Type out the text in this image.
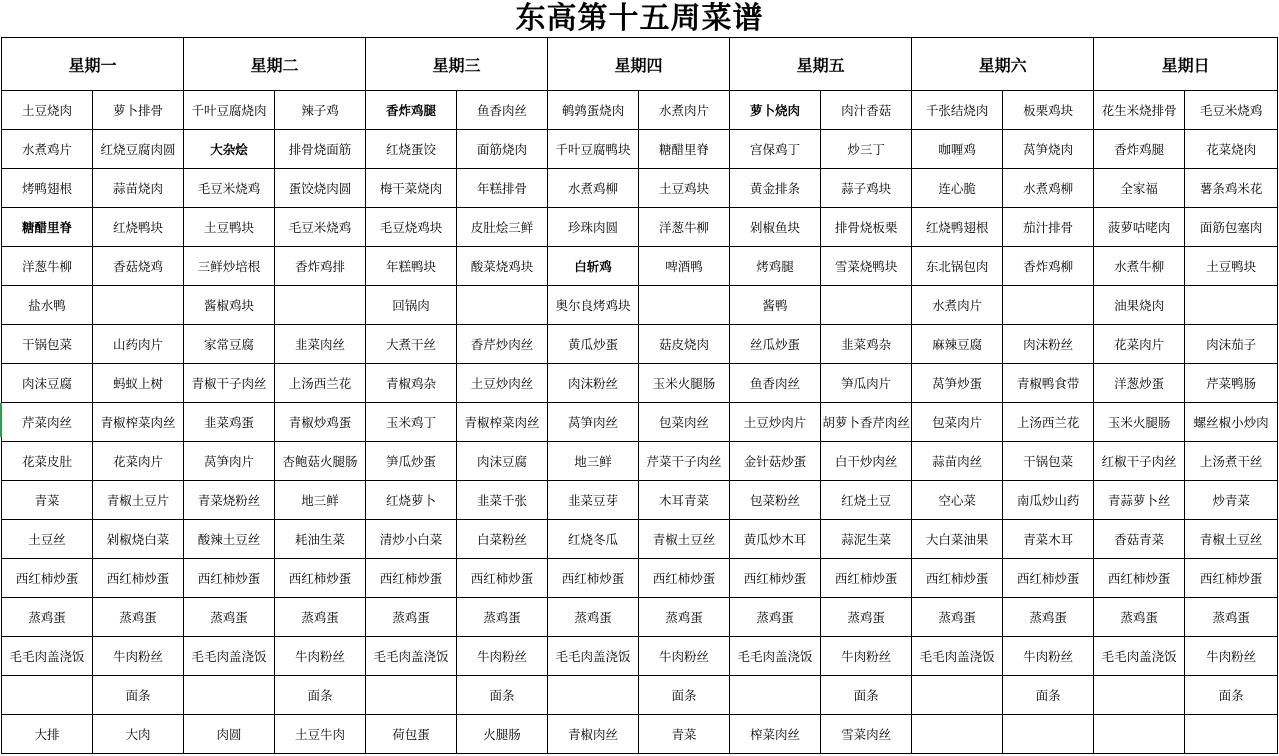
东高第十五周菜谱
星期一		星期二		星期三		星期四		星期五		星期六		星期日	
土豆烧肉	萝卜排骨	千叶豆腐烧肉	辣子鸡	香炸鸡腿	鱼香肉丝	鹌鹑蛋烧肉	水煮肉片	萝卜烧肉	肉汁香菇	千张结烧肉	板栗鸡块	花生米烧排骨	毛豆米烧鸡
水煮鸡片	红烧豆腐肉圆	大杂烩	排骨烧面筋	红烧蛋饺	面筋烧肉	千叶豆腐鸭块	糖醋里脊	宫保鸡丁	炒三丁	咖喱鸡	莴笋烧肉	香炸鸡腿	花菜烧肉
烤鸭翅根	蒜苗烧肉	毛豆米烧鸡	蛋饺烧肉圆	梅干菜烧肉	年糕排骨	水煮鸡柳	土豆鸡块	黄金排条	蒜子鸡块	连心脆	水煮鸡柳	全家福	薯条鸡米花
糖醋里脊	红烧鸭块	土豆鸭块	毛豆米烧鸡	毛豆烧鸡块	皮肚烩三鲜	珍珠肉圆	洋葱牛柳	剁椒鱼块	排骨烧板栗	红烧鸭翅根	茄汁排骨	菠萝咕咾肉	面筋包塞肉
洋葱牛柳	香菇烧鸡	三鲜炒培根	香炸鸡排	年糕鸭块	酸菜烧鸡块	白斩鸡	啤酒鸭	烤鸡腿	雪菜烧鸭块	东北锅包肉	香炸鸡柳	水煮牛柳	土豆鸭块
盐水鸭		酱椒鸡块		回锅肉		奥尔良烤鸡块		酱鸭		水煮肉片		油果烧肉	
干锅包菜	山药肉片	家常豆腐	韭菜肉丝	大煮干丝	香芹炒肉丝	黄瓜炒蛋	菇皮烧肉	丝瓜炒蛋	韭菜鸡杂	麻辣豆腐	肉沫粉丝	花菜肉片	肉沫茄子
肉沫豆腐	蚂蚁上树	青椒干子肉丝	上汤西兰花	青椒鸡杂	土豆炒肉丝	肉沫粉丝	玉米火腿肠	鱼香肉丝	笋瓜肉片	莴笋炒蛋	青椒鸭食带	洋葱炒蛋	芹菜鸭肠
芹菜肉丝	青椒榨菜肉丝	韭菜鸡蛋	青椒炒鸡蛋	玉米鸡丁	青椒榨菜肉丝	莴笋肉丝	包菜肉丝	土豆炒肉片	胡萝卜香芹肉丝	包菜肉片	上汤西兰花	玉米火腿肠	螺丝椒小炒肉
花菜皮肚	花菜肉片	莴笋肉片	杏鲍菇火腿肠	笋瓜炒蛋	肉沫豆腐	地三鲜	芹菜干子肉丝	金针菇炒蛋	白干炒肉丝	蒜苗肉丝	干锅包菜	红椒干子肉丝	上汤煮干丝
青菜	青椒土豆片	青菜烧粉丝	地三鲜	红烧萝卜	韭菜千张	韭菜豆芽	木耳青菜	包菜粉丝	红烧土豆	空心菜	南瓜炒山药	青蒜萝卜丝	炒青菜
土豆丝	剁椒烧白菜	酸辣土豆丝	耗油生菜	清炒小白菜	白菜粉丝	红烧冬瓜	青椒土豆丝	黄瓜炒木耳	蒜泥生菜	大白菜油果	青菜木耳	香菇青菜	青椒土豆丝
西红柿炒蛋	西红柿炒蛋	西红柿炒蛋	西红柿炒蛋	西红柿炒蛋	西红柿炒蛋	西红柿炒蛋	西红柿炒蛋	西红柿炒蛋	西红柿炒蛋	西红柿炒蛋	西红柿炒蛋	西红柿炒蛋	西红柿炒蛋
蒸鸡蛋	蒸鸡蛋	蒸鸡蛋	蒸鸡蛋	蒸鸡蛋	蒸鸡蛋	蒸鸡蛋	蒸鸡蛋	蒸鸡蛋	蒸鸡蛋	蒸鸡蛋	蒸鸡蛋	蒸鸡蛋	蒸鸡蛋
毛毛肉盖浇饭	牛肉粉丝	毛毛肉盖浇饭	牛肉粉丝	毛毛肉盖浇饭	牛肉粉丝	毛毛肉盖浇饭	牛肉粉丝	毛毛肉盖浇饭	牛肉粉丝	毛毛肉盖浇饭	牛肉粉丝	毛毛肉盖浇饭	牛肉粉丝
	面条		面条		面条		面条		面条		面条		面条
大排	大肉	肉圆	土豆牛肉	荷包蛋	火腿肠	青椒肉丝	青菜	榨菜肉丝	雪菜肉丝				
